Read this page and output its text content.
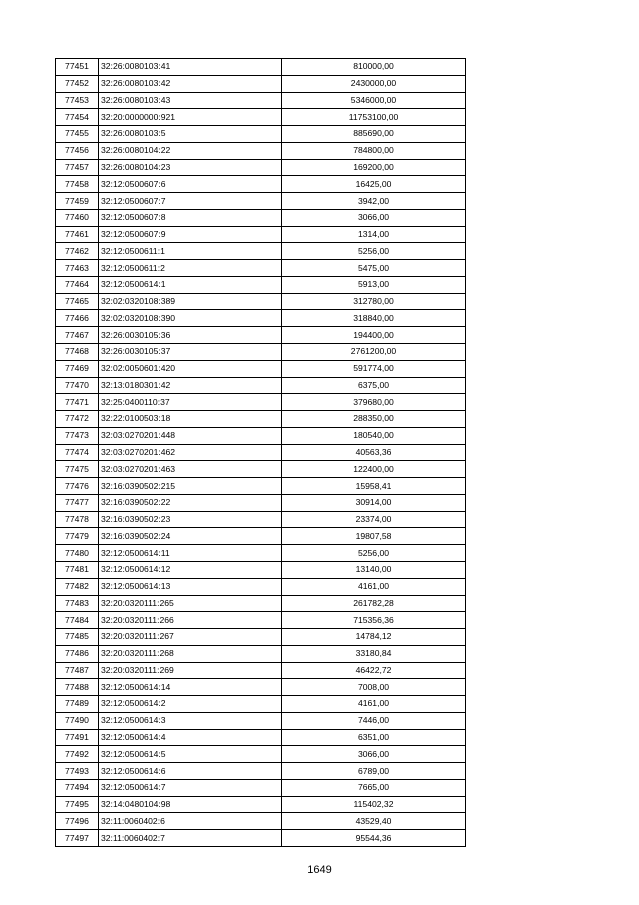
77451	32:26:0080103:41	810000,00
77452	32:26:0080103:42	2430000,00
77453	32:26:0080103:43	5346000,00
77454	32:20:0000000:921	11753100,00
77455	32:26:0080103:5	885690,00
77456	32:26:0080104:22	784800,00
77457	32:26:0080104:23	169200,00
77458	32:12:0500607:6	16425,00
77459	32:12:0500607:7	3942,00
77460	32:12:0500607:8	3066,00
77461	32:12:0500607:9	1314,00
77462	32:12:0500611:1	5256,00
77463	32:12:0500611:2	5475,00
77464	32:12:0500614:1	5913,00
77465	32:02:0320108:389	312780,00
77466	32:02:0320108:390	318840,00
77467	32:26:0030105:36	194400,00
77468	32:26:0030105:37	2761200,00
77469	32:02:0050601:420	591774,00
77470	32:13:0180301:42	6375,00
77471	32:25:0400110:37	379680,00
77472	32:22:0100503:18	288350,00
77473	32:03:0270201:448	180540,00
77474	32:03:0270201:462	40563,36
77475	32:03:0270201:463	122400,00
77476	32:16:0390502:215	15958,41
77477	32:16:0390502:22	30914,00
77478	32:16:0390502:23	23374,00
77479	32:16:0390502:24	19807,58
77480	32:12:0500614:11	5256,00
77481	32:12:0500614:12	13140,00
77482	32:12:0500614:13	4161,00
77483	32:20:0320111:265	261782,28
77484	32:20:0320111:266	715356,36
77485	32:20:0320111:267	14784,12
77486	32:20:0320111:268	33180,84
77487	32:20:0320111:269	46422,72
77488	32:12:0500614:14	7008,00
77489	32:12:0500614:2	4161,00
77490	32:12:0500614:3	7446,00
77491	32:12:0500614:4	6351,00
77492	32:12:0500614:5	3066,00
77493	32:12:0500614:6	6789,00
77494	32:12:0500614:7	7665,00
77495	32:14:0480104:98	115402,32
77496	32:11:0060402:6	43529,40
77497	32:11:0060402:7	95544,36
1649
